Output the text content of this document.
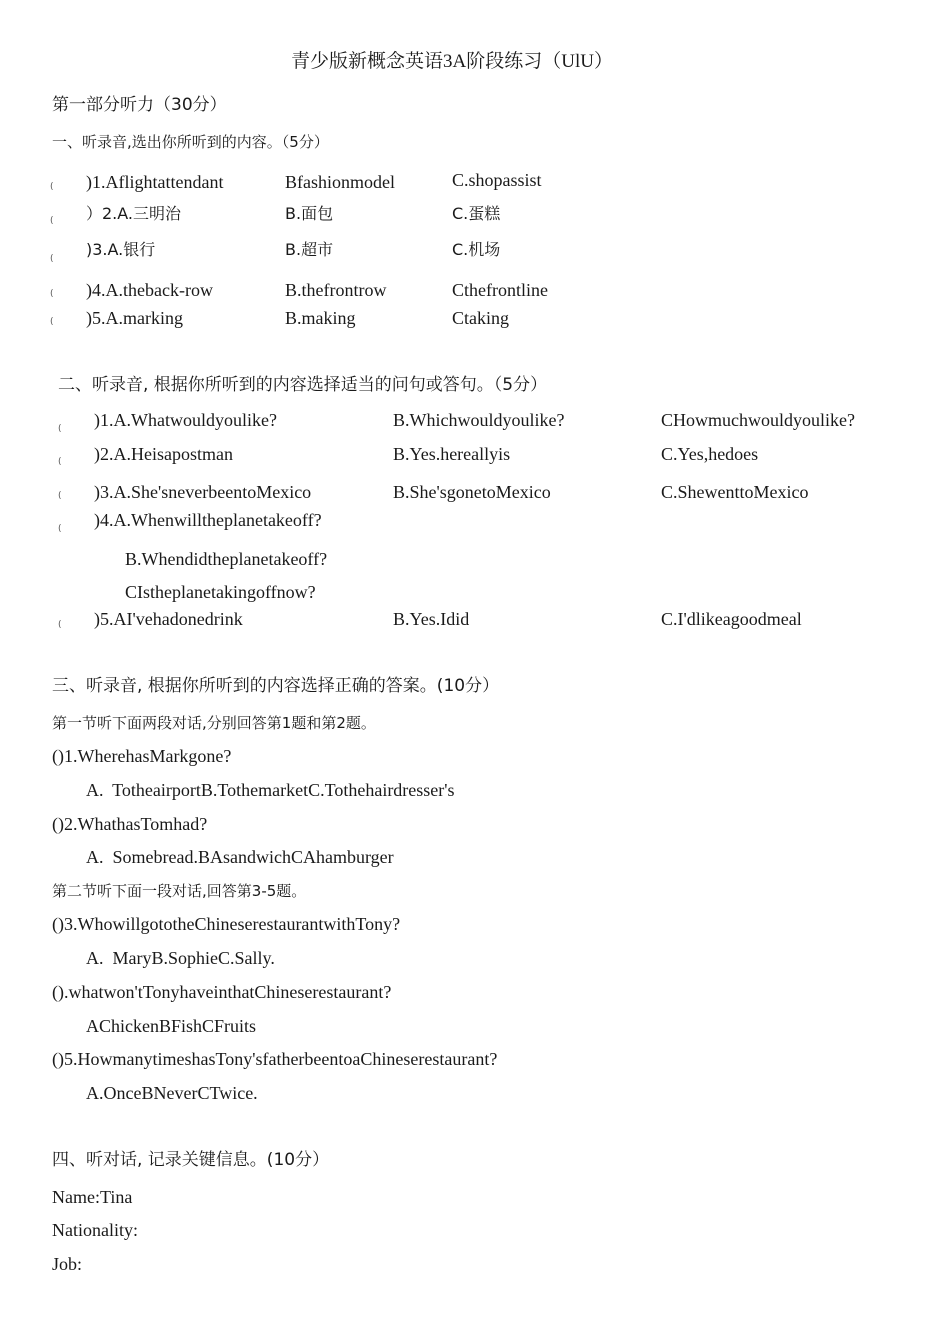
青少版新概念英语3A阶段练习（UlU）
第一部分听力（30分）
一、听录音,选出你所听到的内容。（5分）
( )1.Aflightattendant	Bfashionmodel	C.shopassist
( ）2.A.三明治	B.面包	C.蛋糕
( )3.A.银行	B.超市	C.机场
( )4.A.theback-row	B.thefrontrow	Cthefrontline
( )5.A.marking	B.making	Ctaking
二、听录音, 根据你所听到的内容选择适当的问句或答句。（5分）
( )1.A.Whatwouldyoulike?	B.Whichwouldyoulike?	CHowmuchwouldyoulike?
( )2.A.Heisapostman	B.Yes.hereallyis	C.Yes,hedoes
( )3.A.She'sneverbeentoMexico	B.She'sgonetoMexico	C.ShewenttoMexico
( )4.A.Whenwilltheplanetakeoff?
B.Whendidtheplanetakeoff?
CIstheplanetakingoffnow?
( )5.AI'vehadonedrink	B.Yes.Idid	C.I'dlikeagoodmeal
三、听录音, 根据你所听到的内容选择正确的答案。(10分）
第一节听下面两段对话,分别回答第1题和第2题。
()1.WherehasMarkgone?
A.  TotheairportB.TothemarketC.Tothehairdresser's
()2.WhathasTomhad?
A.  Somebread.BAsandwichCAhamburger
第二节听下面一段对话,回答第3-5题。
()3.WhowillgototheChineserestaurantwithTony?
A.  MaryB.SophieC.Sally.
().whatwon'tTonyhaveinthatChineserestaurant?
AChickenBFishCFruits
()5.HowmanytimeshasTony'sfatherbeentoaChineserestaurant?
A.OnceBNeverCTwice.
四、听对话, 记录关键信息。(10分）
Name:Tina
Nationality:
Job:
